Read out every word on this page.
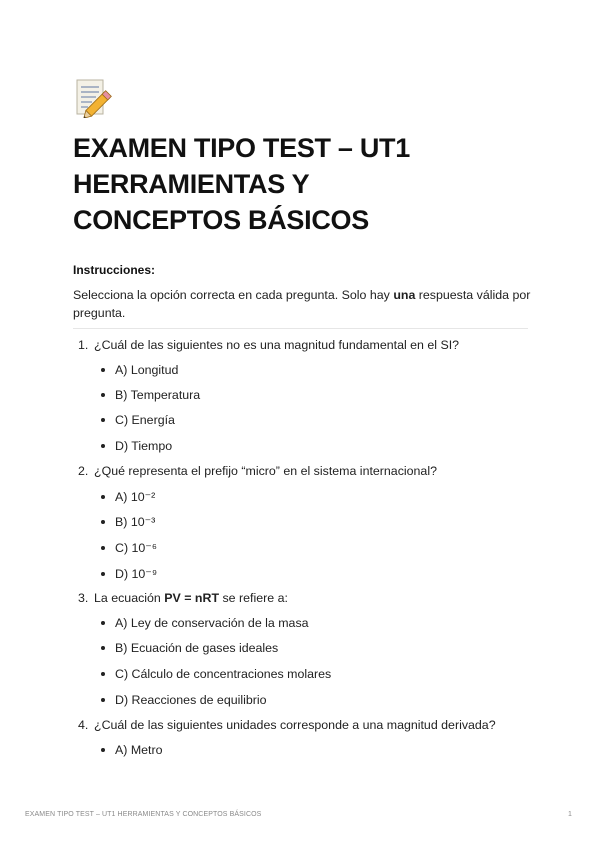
EXAMEN TIPO TEST – UT1
HERRAMIENTAS Y
CONCEPTOS BÁSICOS
Instrucciones:
Selecciona la opción correcta en cada pregunta. Solo hay una respuesta válida por pregunta.
1. ¿Cuál de las siguientes no es una magnitud fundamental en el SI?
A) Longitud
B) Temperatura
C) Energía
D) Tiempo
2. ¿Qué representa el prefijo “micro” en el sistema internacional?
A) 10⁻²
B) 10⁻³
C) 10⁻⁶
D) 10⁻⁹
3. La ecuación PV = nRT se refiere a:
A) Ley de conservación de la masa
B) Ecuación de gases ideales
C) Cálculo de concentraciones molares
D) Reacciones de equilibrio
4. ¿Cuál de las siguientes unidades corresponde a una magnitud derivada?
A) Metro
EXAMEN TIPO TEST – UT1 HERRAMIENTAS Y CONCEPTOS BÁSICOS	1
